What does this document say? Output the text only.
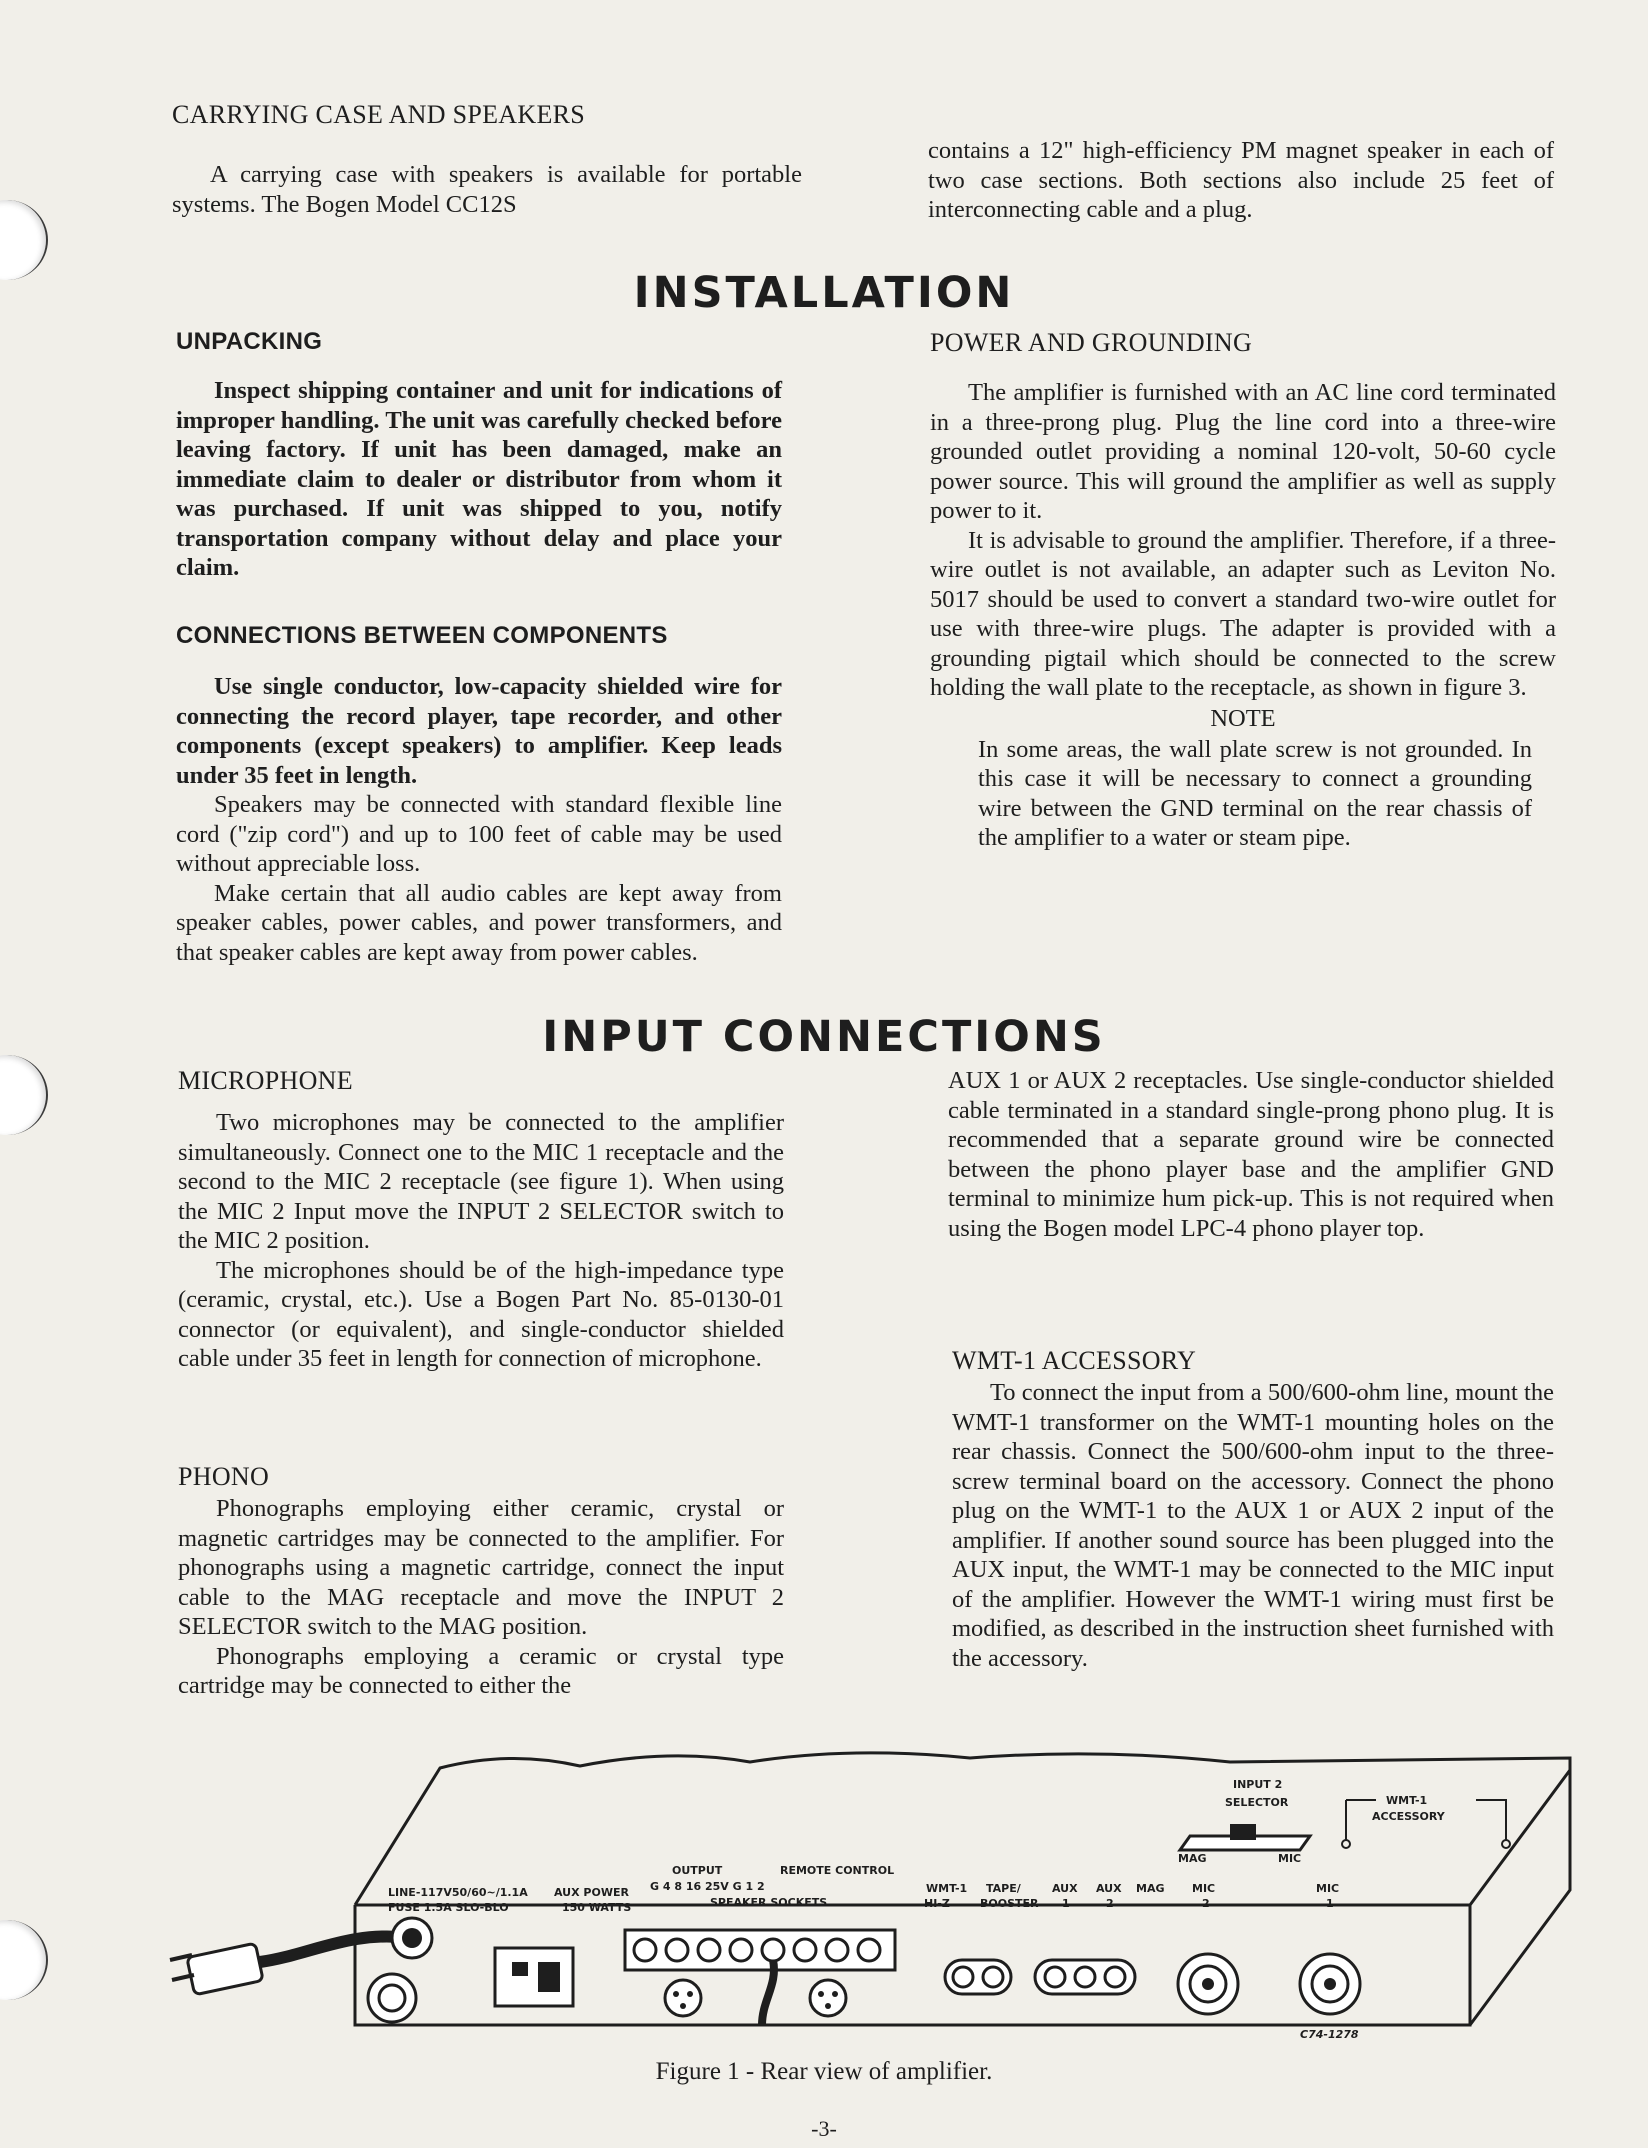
CARRYING CASE AND SPEAKERS

A carrying case with speakers is available for portable systems. The Bogen Model CC12S

contains a 12" high-efficiency PM magnet speaker in each of two case sections. Both sections also include 25 feet of interconnecting cable and a plug.

INSTALLATION
UNPACKING

Inspect shipping container and unit for indications of improper handling. The unit was carefully checked before leaving factory. If unit has been damaged, make an immediate claim to dealer or distributor from whom it was purchased. If unit was shipped to you, notify transportation company without delay and place your claim.

CONNECTIONS BETWEEN COMPONENTS

Use single conductor, low-capacity shielded wire for connecting the record player, tape recorder, and other components (except speakers) to amplifier. Keep leads under 35 feet in length.

Speakers may be connected with standard flexible line cord ("zip cord") and up to 100 feet of cable may be used without appreciable loss.

Make certain that all audio cables are kept away from speaker cables, power cables, and power transformers, and that speaker cables are kept away from power cables.

POWER AND GROUNDING

The amplifier is furnished with an AC line cord terminated in a three-prong plug. Plug the line cord into a three-wire grounded outlet providing a nominal 120-volt, 50-60 cycle power source. This will ground the amplifier as well as supply power to it.

It is advisable to ground the amplifier. Therefore, if a three-wire outlet is not available, an adapter such as Leviton No. 5017 should be used to convert a standard two-wire outlet for use with three-wire plugs. The adapter is provided with a grounding pigtail which should be connected to the screw holding the wall plate to the receptacle, as shown in figure 3.

NOTE

In some areas, the wall plate screw is not grounded. In this case it will be necessary to connect a grounding wire between the GND terminal on the rear chassis of the amplifier to a water or steam pipe.

INPUT CONNECTIONS
MICROPHONE

Two microphones may be connected to the amplifier simultaneously. Connect one to the MIC 1 receptacle and the second to the MIC 2 receptacle (see figure 1). When using the MIC 2 Input move the INPUT 2 SELECTOR switch to the MIC 2 position.

The microphones should be of the high-impedance type (ceramic, crystal, etc.). Use a Bogen Part No. 85-0130-01 connector (or equivalent), and single-conductor shielded cable under 35 feet in length for connection of microphone.

PHONO

Phonographs employing either ceramic, crystal or magnetic cartridges may be connected to the amplifier. For phonographs using a magnetic cartridge, connect the input cable to the MAG receptacle and move the INPUT 2 SELECTOR switch to the MAG position.

Phonographs employing a ceramic or crystal type cartridge may be connected to either the

AUX 1 or AUX 2 receptacles. Use single-conductor shielded cable terminated in a standard single-prong phono plug. It is recommended that a separate ground wire be connected between the phono player base and the amplifier GND terminal to minimize hum pick-up. This is not required when using the Bogen model LPC-4 phono player top.

WMT-1 ACCESSORY

To connect the input from a 500/600-ohm line, mount the WMT-1 transformer on the WMT-1 mounting holes on the rear chassis. Connect the 500/600-ohm input to the three-screw terminal board on the accessory. Connect the phono plug on the WMT-1 to the AUX 1 or AUX 2 input of the amplifier. If another sound source has been plugged into the AUX input, the WMT-1 may be connected to the MIC input of the amplifier. However the WMT-1 wiring must first be modified, as described in the instruction sheet furnished with the accessory.

INPUT 2
SELECTOR
MAG	MIC
WMT-1
ACCESSORY
OUTPUT	REMOTE CONTROL
G 4 8 16 25V G 1 2
SPEAKER SOCKETS
LINE-117V50/60~/1.1A
FUSE 1.5A SLO-BLO
AUX POWER
150 WATTS
WMT-1
HI-Z
TAPE/
BOOSTER
AUX
1
AUX
2
MAG	MIC
2
MIC
1
C74-1278
Figure 1 - Rear view of amplifier.
-3-
